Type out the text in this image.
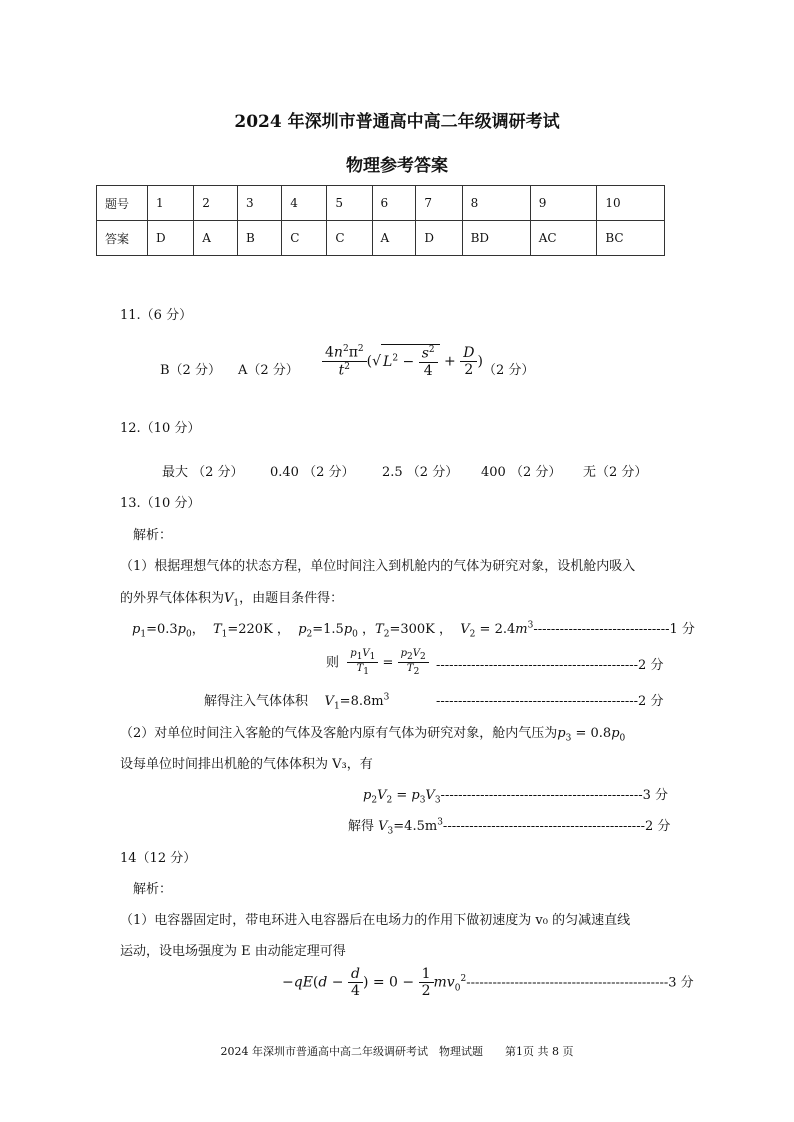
2024 年深圳市普通高中高二年级调研考试
物理参考答案
题号	1	2	3	4	5	6	7	8	9	10
答案	D	A	B	C	C	A	D	BD	AC	BC
11.（6 分）
B（2 分） A（2 分） $\frac{4n^2\pi^2}{t^2}$ (√ $L^2 - \frac{s^2}{4} + \frac{D}{2}$ )
（2 分）
12.（10 分）
最大 （2 分） 0.40 （2 分） 2.5 （2 分） 400 （2 分） 无（2 分）
13.（10 分）
解析：
（1）根据理想气体的状态方程，单位时间注入到机舱内的气体为研究对象，设机舱内吸入
的外界气体体积为$V_1$，由题目条件得：
$p_1=0.3p_0$，  $T_1=220K$ ，  $p_2=1.5p_0$ ，$T_2=300K$ ，  $V_2 = 2.4m^3-------------------------------1$ 分
则 $\frac{p_1V_1}{T_1} = \frac{p_2V_2}{T_2} ----------------------------------------------2$ 分
解得注入气体体积 $V_1=8.8m^3$	----------------------------------------------2 分
（2）对单位时间注入客舱的气体及客舱内原有气体为研究对象，舱内气压为$p_3 = 0.8p_0$
设每单位时间排出机舱的气体体积为 V₃，有
$p_2V_2 = p_3V_3----------------------------------------------3$ 分
解得 $V_3=4.5m^3----------------------------------------------2$ 分
14（12 分）
解析：
（1）电容器固定时，带电环进入电容器后在电场力的作用下做初速度为 v₀ 的匀减速直线
运动，设电场强度为 E 由动能定理可得
$-qE(d - \frac{d}{4}$ ) = $0 - \frac{1}{2} mv_0^2----------------------------------------------3$ 分
2024 年深圳市普通高中高二年级调研考试　物理试题　　第1页 共 8 页
